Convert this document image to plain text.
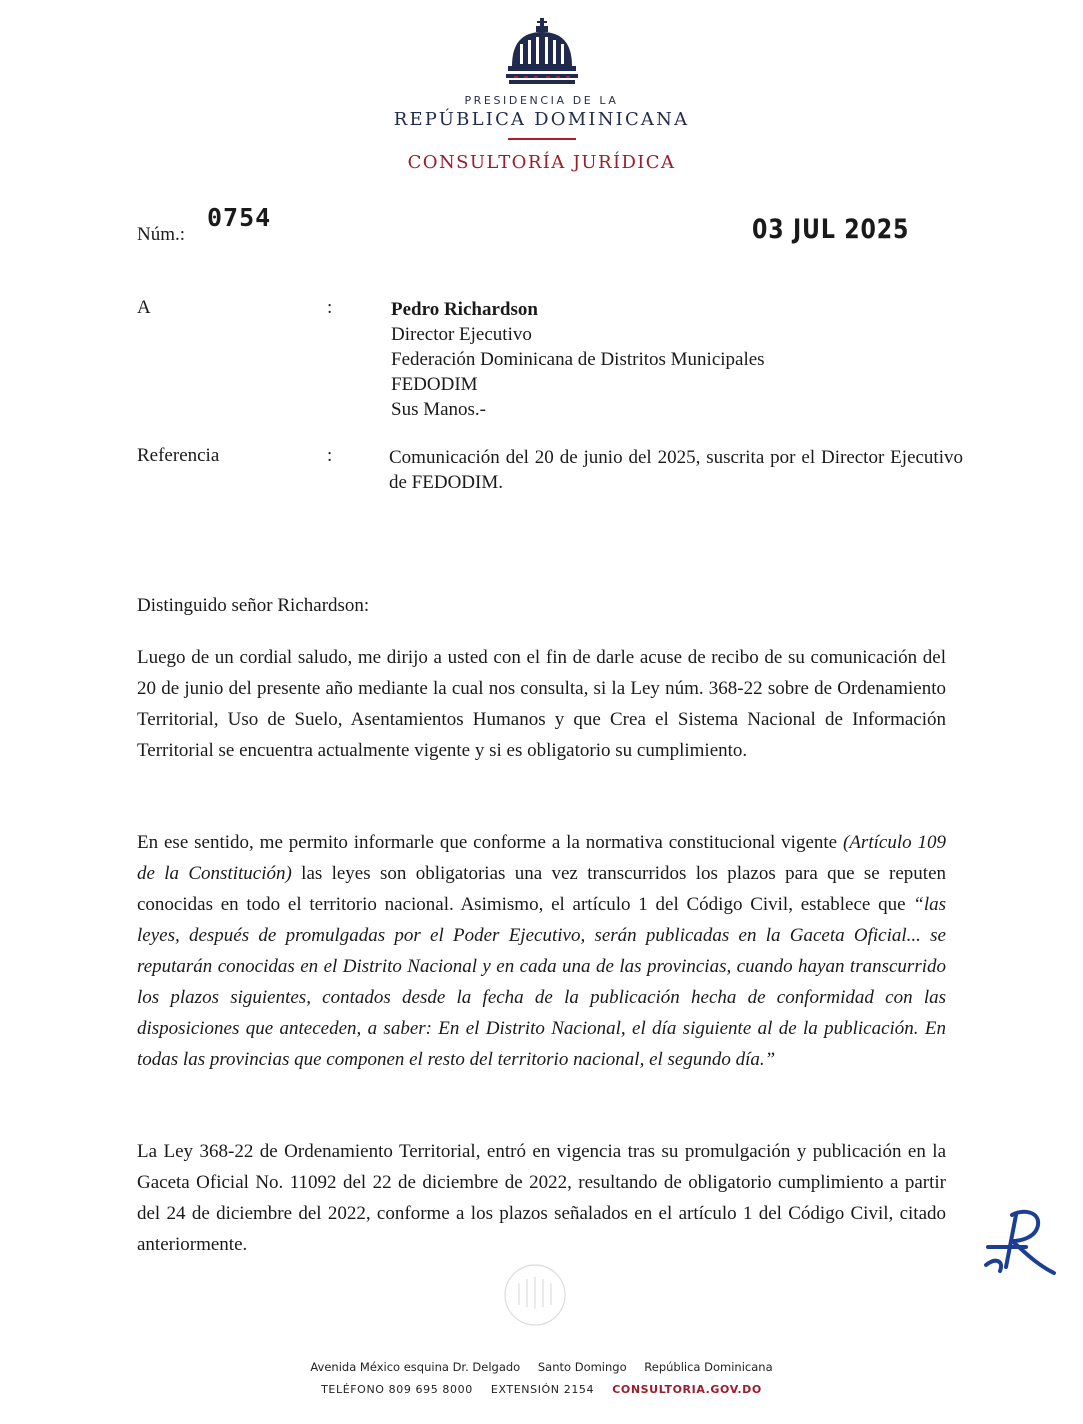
PRESIDENCIA DE LA
REPÚBLICA DOMINICANA
CONSULTORÍA JURÍDICA
Núm.:
0754	03 JUL 2025
A	:	Pedro Richardson
Director Ejecutivo
Federación Dominicana de Distritos Municipales
FEDODIM
Sus Manos.-
Referencia	:	Comunicación del 20 de junio del 2025, suscrita por el Director Ejecutivo de FEDODIM.
Distinguido señor Richardson:
Luego de un cordial saludo, me dirijo a usted con el fin de darle acuse de recibo de su comunicación del 20 de junio del presente año mediante la cual nos consulta, si la Ley núm. 368-22 sobre de Ordenamiento Territorial, Uso de Suelo, Asentamientos Humanos y que Crea el Sistema Nacional de Información Territorial se encuentra actualmente vigente y si es obligatorio su cumplimiento.
En ese sentido, me permito informarle que conforme a la normativa constitucional vigente (Artículo 109 de la Constitución) las leyes son obligatorias una vez transcurridos los plazos para que se reputen conocidas en todo el territorio nacional. Asimismo, el artículo 1 del Código Civil, establece que “las leyes, después de promulgadas por el Poder Ejecutivo, serán publicadas en la Gaceta Oficial... se reputarán conocidas en el Distrito Nacional y en cada una de las provincias, cuando hayan transcurrido los plazos siguientes, contados desde la fecha de la publicación hecha de conformidad con las disposiciones que anteceden, a saber: En el Distrito Nacional, el día siguiente al de la publicación. En todas las provincias que componen el resto del territorio nacional, el segundo día.”
La Ley 368-22 de Ordenamiento Territorial, entró en vigencia tras su promulgación y publicación en la Gaceta Oficial No. 11092 del 22 de diciembre de 2022, resultando de obligatorio cumplimiento a partir del 24 de diciembre del 2022, conforme a los plazos señalados en el artículo 1 del Código Civil, citado anteriormente.
Avenida México esquina Dr. Delgado Santo Domingo República Dominicana
TELÉFONO 809 695 8000 EXTENSIÓN 2154 CONSULTORIA.GOV.DO
